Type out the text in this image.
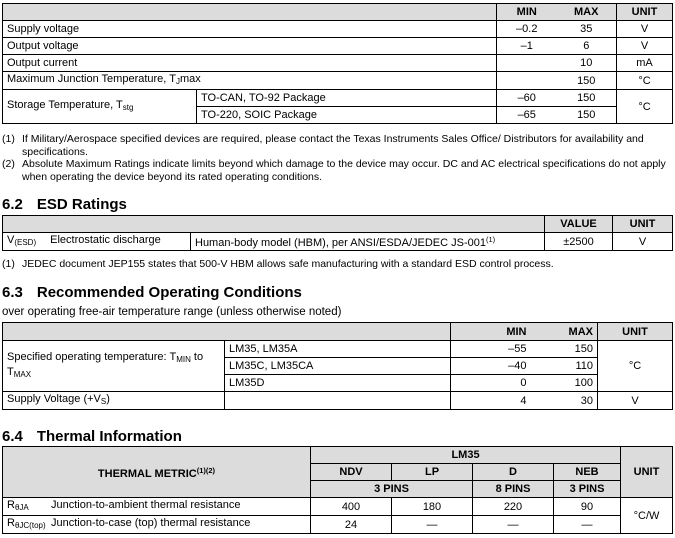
		MIN	MAX	UNIT
Supply voltage		–0.2	35	V
Output voltage		–1	6	V
Output current			10	mA
Maximum Junction Temperature, $T_J\max$			150	°C
Storage Temperature, $T_{stg}$	TO-CAN, TO-92 Package	–60	150	°C
	TO-220, SOIC Package	–65	150	
(1) If Military/Aerospace specified devices are required, please contact the Texas Instruments Sales Office/ Distributors for availability and specifications.
(2) Absolute Maximum Ratings indicate limits beyond which damage to the device may occur. DC and AC electrical specifications do not apply when operating the device beyond its rated operating conditions.
6.2 ESD Ratings
		VALUE	UNIT
$V_{(ESD)}$ Electrostatic discharge	Human-body model (HBM), per ANSI/ESDA/JEDEC $JS-001^{(1)}$	±2500	V
(1) JEDEC document JEP155 states that 500-V HBM allows safe manufacturing with a standard ESD control process.
6.3 Recommended Operating Conditions
over operating free-air temperature range (unless otherwise noted)
		MIN	MAX	UNIT
Specified operating temperature: $T_{MIN}$ to
$T_{MAX}$	LM35, LM35A	–55	150	°C
	LM35C, LM35CA	–40	110	
	LM35D	0	100	
Supply Voltage $(+V_S)$		4	30	V
6.4 Thermal Information
THERMAL $METRIC^{(1)(2)}$	LM35				UNIT
	NDV	LP	D	NEB	
	3 PINS		8 PINS	3 PINS	
$R_{\theta JA}$ Junction-to-ambient thermal resistance	400	180	220	90	°C/W
$R_{\theta JC(top)}$ Junction-to-case (top) thermal resistance	24	—	—	—	
